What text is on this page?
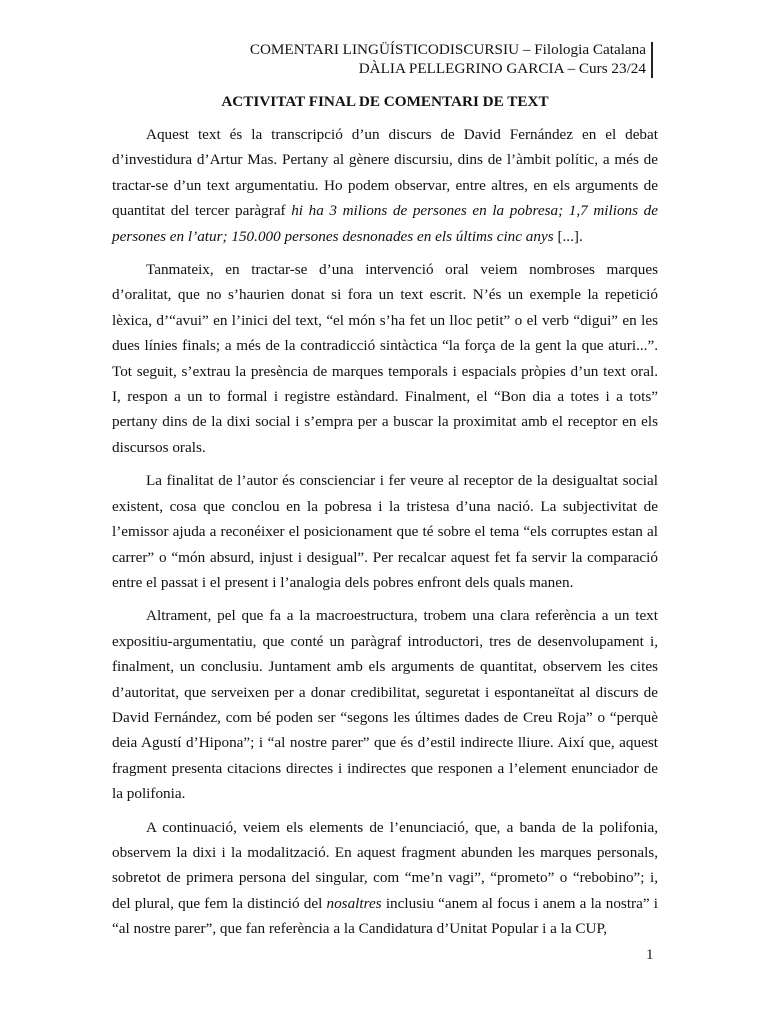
COMENTARI LINGÜÍSTICODISCURSIU – Filologia Catalana
DÀLIA PELLEGRINO GARCIA – Curs 23/24
ACTIVITAT FINAL DE COMENTARI DE TEXT

Aquest text és la transcripció d’un discurs de David Fernández en el debat d’investidura d’Artur Mas. Pertany al gènere discursiu, dins de l’àmbit polític, a més de tractar-se d’un text argumentatiu. Ho podem observar, entre altres, en els arguments de quantitat del tercer paràgraf hi ha 3 milions de persones en la pobresa; 1,7 milions de persones en l’atur; 150.000 persones desnonades en els últims cinc anys [...].

Tanmateix, en tractar-se d’una intervenció oral veiem nombroses marques d’oralitat, que no s’haurien donat si fora un text escrit. N’és un exemple la repetició lèxica, d’“avui” en l’inici del text, “el món s’ha fet un lloc petit” o el verb “digui” en les dues línies finals; a més de la contradicció sintàctica “la força de la gent la que aturi...”. Tot seguit, s’extrau la presència de marques temporals i espacials pròpies d’un text oral. I, respon a un to formal i registre estàndard. Finalment, el “Bon dia a totes i a tots” pertany dins de la dixi social i s’empra per a buscar la proximitat amb el receptor en els discursos orals.

La finalitat de l’autor és conscienciar i fer veure al receptor de la desigualtat social existent, cosa que conclou en la pobresa i la tristesa d’una nació. La subjectivitat de l’emissor ajuda a reconéixer el posicionament que té sobre el tema “els corruptes estan al carrer” o “món absurd, injust i desigual”. Per recalcar aquest fet fa servir la comparació entre el passat i el present i l’analogia dels pobres enfront dels quals manen.

Altrament, pel que fa a la macroestructura, trobem una clara referència a un text expositiu-argumentatiu, que conté un paràgraf introductori, tres de desenvolupament i, finalment, un conclusiu. Juntament amb els arguments de quantitat, observem les cites d’autoritat, que serveixen per a donar credibilitat, seguretat i espontaneïtat al discurs de David Fernández, com bé poden ser “segons les últimes dades de Creu Roja” o “perquè deia Agustí d’Hipona”; i “al nostre parer” que és d’estil indirecte lliure. Així que, aquest fragment presenta citacions directes i indirectes que responen a l’element enunciador de la polifonia.

A continuació, veiem els elements de l’enunciació, que, a banda de la polifonia, observem la dixi i la modalització. En aquest fragment abunden les marques personals, sobretot de primera persona del singular, com “me’n vagi”, “prometo” o “rebobino”; i, del plural, que fem la distinció del nosaltres inclusiu “anem al focus i anem a la nostra” i “al nostre parer”, que fan referència a la Candidatura d’Unitat Popular i a la CUP,

1
